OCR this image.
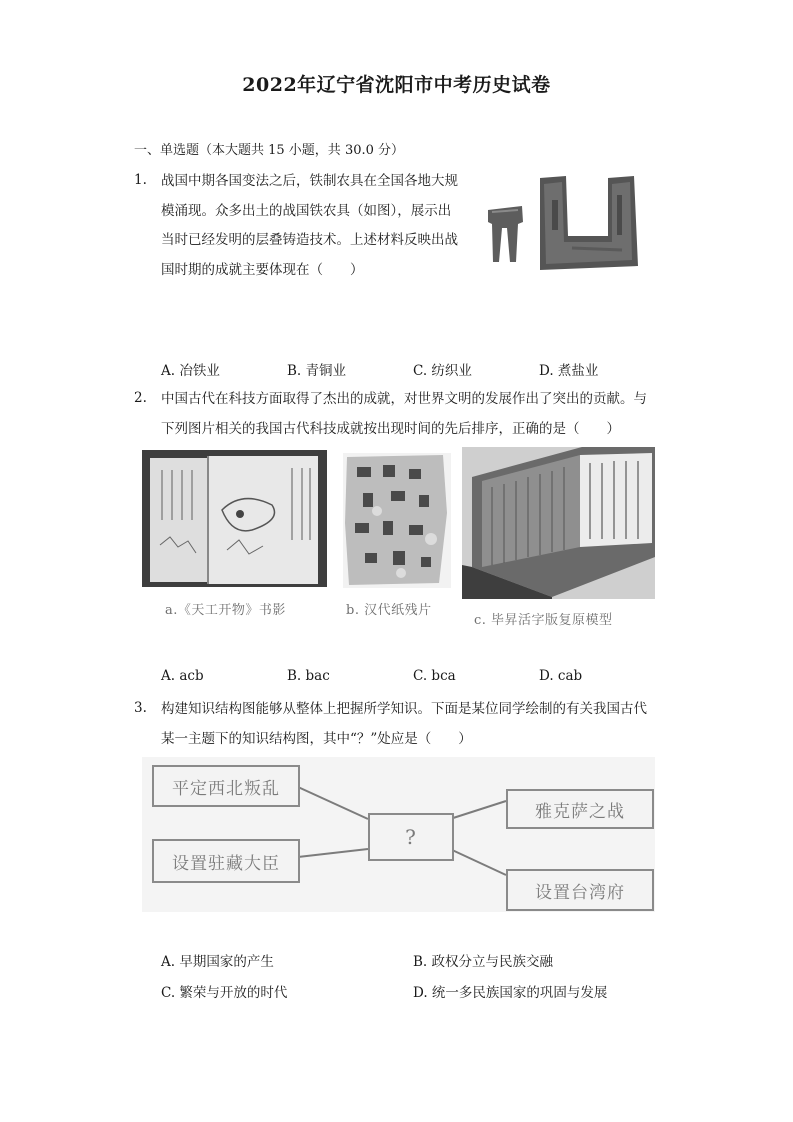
2022年辽宁省沈阳市中考历史试卷
一、单选题（本大题共 15 小题，共 30.0 分）
1. 战国中期各国变法之后，铁制农具在全国各地大规
模涌现。众多出土的战国铁农具（如图），展示出
当时已经发明的层叠铸造技术。上述材料反映出战
国时期的成就主要体现在（　　）
A. 冶铁业	B. 青铜业	C. 纺织业	D. 煮盐业
2. 中国古代在科技方面取得了杰出的成就，对世界文明的发展作出了突出的贡献。与
下列图片相关的我国古代科技成就按出现时间的先后排序，正确的是（　　）
a.《天工开物》书影	b. 汉代纸残片
c. 毕昇活字版复原模型
A. acb	B. bac	C. bca	D. cab
3. 构建知识结构图能够从整体上把握所学知识。下面是某位同学绘制的有关我国古代
某一主题下的知识结构图，其中“？”处应是（　　）
平定西北叛乱
设置驻藏大臣
?
雅克萨之战
设置台湾府
A. 早期国家的产生	B. 政权分立与民族交融
C. 繁荣与开放的时代	D. 统一多民族国家的巩固与发展
